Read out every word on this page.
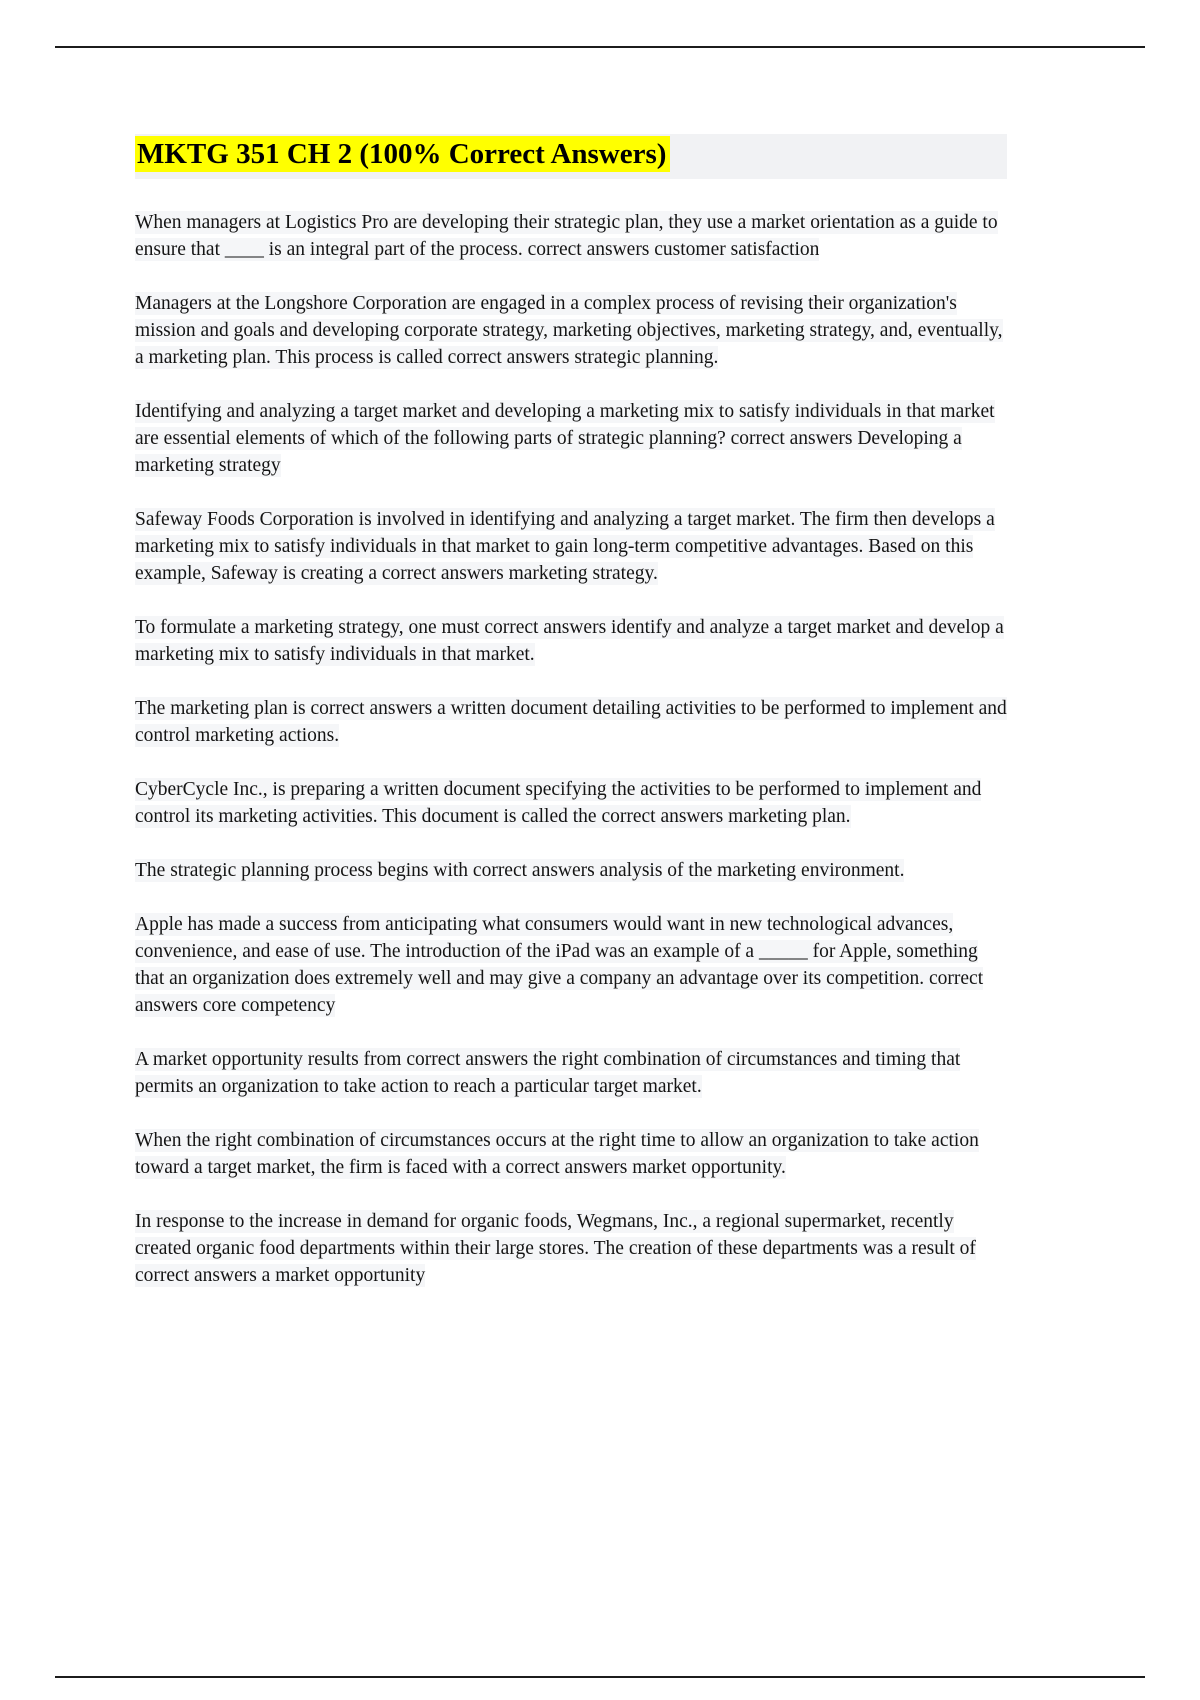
MKTG 351 CH 2 (100% Correct Answers)

When managers at Logistics Pro are developing their strategic plan, they use a market orientation as a guide to ensure that ____ is an integral part of the process. correct answers customer satisfaction

Managers at the Longshore Corporation are engaged in a complex process of revising their organization's mission and goals and developing corporate strategy, marketing objectives, marketing strategy, and, eventually, a marketing plan. This process is called correct answers strategic planning.

Identifying and analyzing a target market and developing a marketing mix to satisfy individuals in that market are essential elements of which of the following parts of strategic planning? correct answers Developing a marketing strategy

Safeway Foods Corporation is involved in identifying and analyzing a target market. The firm then develops a marketing mix to satisfy individuals in that market to gain long-term competitive advantages. Based on this example, Safeway is creating a correct answers marketing strategy.

To formulate a marketing strategy, one must correct answers identify and analyze a target market and develop a marketing mix to satisfy individuals in that market.

The marketing plan is correct answers a written document detailing activities to be performed to implement and control marketing actions.

CyberCycle Inc., is preparing a written document specifying the activities to be performed to implement and control its marketing activities. This document is called the correct answers marketing plan.

The strategic planning process begins with correct answers analysis of the marketing environment.

Apple has made a success from anticipating what consumers would want in new technological advances, convenience, and ease of use. The introduction of the iPad was an example of a _____ for Apple, something that an organization does extremely well and may give a company an advantage over its competition. correct answers core competency

A market opportunity results from correct answers the right combination of circumstances and timing that permits an organization to take action to reach a particular target market.

When the right combination of circumstances occurs at the right time to allow an organization to take action toward a target market, the firm is faced with a correct answers market opportunity.

In response to the increase in demand for organic foods, Wegmans, Inc., a regional supermarket, recently created organic food departments within their large stores. The creation of these departments was a result of correct answers a market opportunity
